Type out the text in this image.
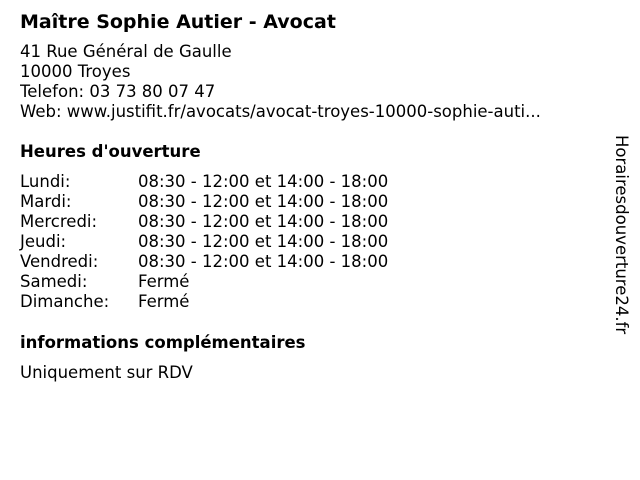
Maître Sophie Autier - Avocat
41 Rue Général de Gaulle
10000 Troyes
Telefon: 03 73 80 07 47
Web: www.justifit.fr/avocats/avocat-troyes-10000-sophie-auti...
Heures d'ouverture
Lundi:	08:30 - 12:00 et 14:00 - 18:00
Mardi:	08:30 - 12:00 et 14:00 - 18:00
Mercredi:	08:30 - 12:00 et 14:00 - 18:00
Jeudi:	08:30 - 12:00 et 14:00 - 18:00
Vendredi:	08:30 - 12:00 et 14:00 - 18:00
Samedi:	Fermé
Dimanche:	Fermé
informations complémentaires
Uniquement sur RDV
Horairesdouverture24.fr
